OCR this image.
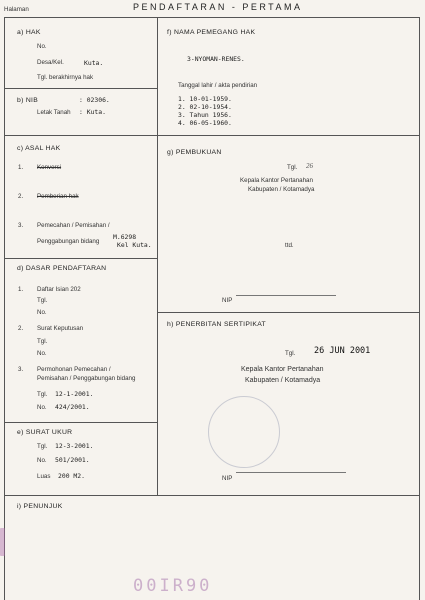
Halaman	PENDAFTARAN - PERTAMA
a) HAK
No.
Desa/Kel.	Kuta.
Tgl. berakhirnya hak
b) NIB	: 02306.
Letak Tanah : Kuta.
f) NAMA PEMEGANG HAK
3-NYOMAN-RENES.
Tanggal lahir / akta pendirian
1. 10-01-1959.
2. 02-10-1954.
3. Tahun 1956.
4. 06-05-1960.
c) ASAL HAK
1. Konversi
2. Pemberian hak
3. Pemecahan / Pemisahan /
Penggabungan bidang
M.6298
Kel Kuta.
g) PEMBUKUAN
Tgl. 26
Kepala Kantor Pertanahan
Kabupaten / Kotamadya
ttd.
NIP
d) DASAR PENDAFTARAN
1. Daftar Isian 202
Tgl.
No.
2. Surat Keputusan
Tgl.
No.
3. Permohonan Pemecahan /
Pemisahan / Penggabungan bidang
Tgl. 12-1-2001.
No. 424/2001.
h) PENERBITAN SERTIPIKAT
Tgl. 26 JUN 2001
Kepala Kantor Pertanahan
Kabupaten / Kotamadya
NIP
e) SURAT UKUR
Tgl. 12-3-2001.
No. 501/2001.
Luas 200 M2.
i) PENUNJUK
00IR90
